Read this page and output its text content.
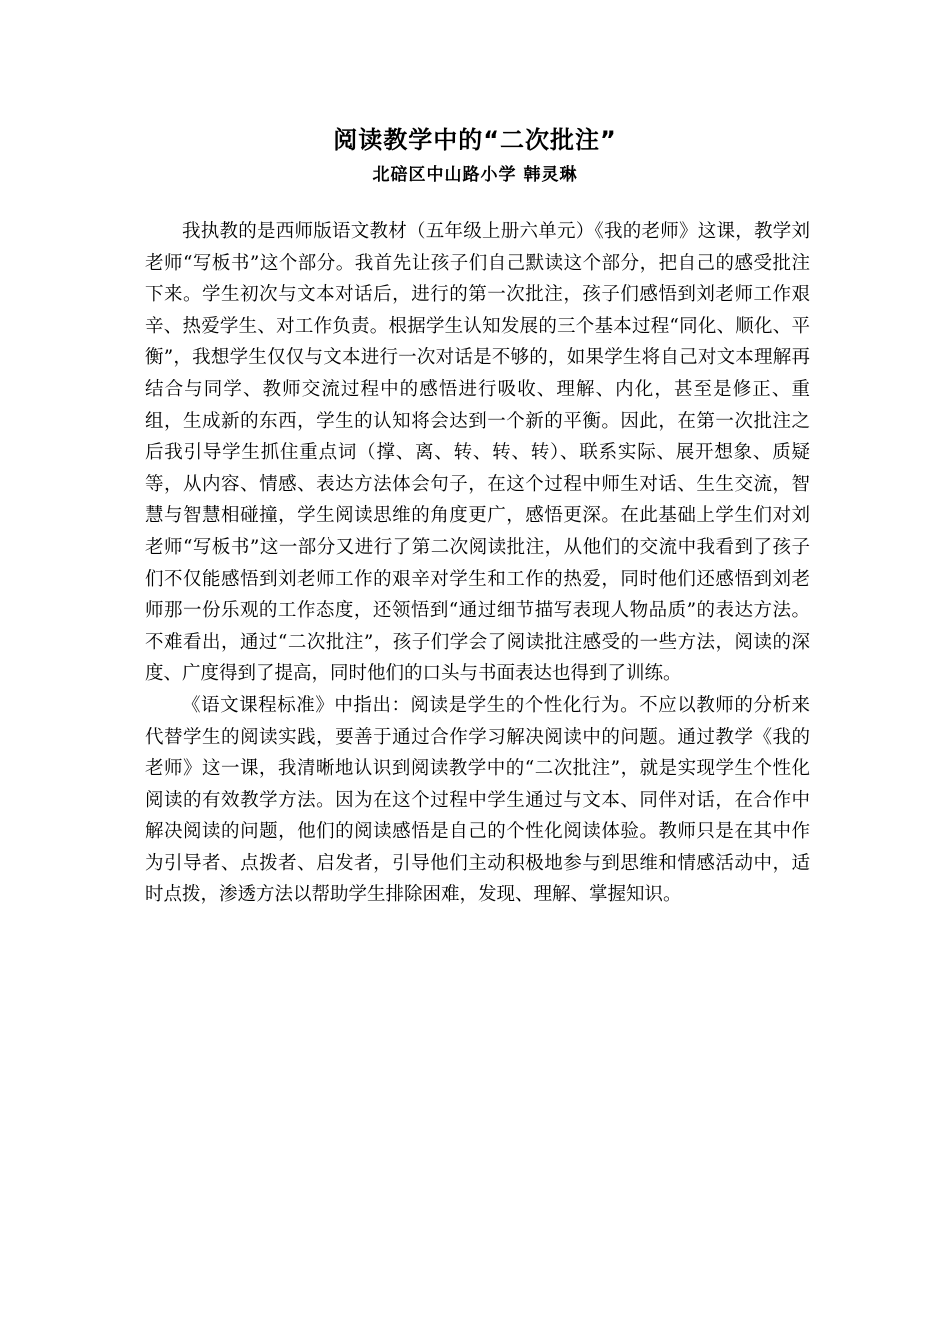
阅读教学中的“二次批注”
北碚区中山路小学 韩灵琳

我执教的是西师版语文教材（五年级上册六单元）《我的老师》这课，教学刘老师“写板书”这个部分。我首先让孩子们自己默读这个部分，把自己的感受批注下来。学生初次与文本对话后，进行的第一次批注，孩子们感悟到刘老师工作艰辛、热爱学生、对工作负责。根据学生认知发展的三个基本过程“同化、顺化、平衡”，我想学生仅仅与文本进行一次对话是不够的，如果学生将自己对文本理解再结合与同学、教师交流过程中的感悟进行吸收、理解、内化，甚至是修正、重组，生成新的东西，学生的认知将会达到一个新的平衡。因此，在第一次批注之后我引导学生抓住重点词（撑、离、转、转、转）、联系实际、展开想象、质疑等，从内容、情感、表达方法体会句子，在这个过程中师生对话、生生交流，智慧与智慧相碰撞，学生阅读思维的角度更广，感悟更深。在此基础上学生们对刘老师“写板书”这一部分又进行了第二次阅读批注，从他们的交流中我看到了孩子们不仅能感悟到刘老师工作的艰辛对学生和工作的热爱，同时他们还感悟到刘老师那一份乐观的工作态度，还领悟到“通过细节描写表现人物品质”的表达方法。不难看出，通过“二次批注”，孩子们学会了阅读批注感受的一些方法，阅读的深度、广度得到了提高，同时他们的口头与书面表达也得到了训练。

《语文课程标准》中指出：阅读是学生的个性化行为。不应以教师的分析来代替学生的阅读实践，要善于通过合作学习解决阅读中的问题。通过教学《我的老师》这一课，我清晰地认识到阅读教学中的“二次批注”，就是实现学生个性化阅读的有效教学方法。因为在这个过程中学生通过与文本、同伴对话，在合作中解决阅读的问题，他们的阅读感悟是自己的个性化阅读体验。教师只是在其中作为引导者、点拨者、启发者，引导他们主动积极地参与到思维和情感活动中，适时点拨，渗透方法以帮助学生排除困难，发现、理解、掌握知识。
